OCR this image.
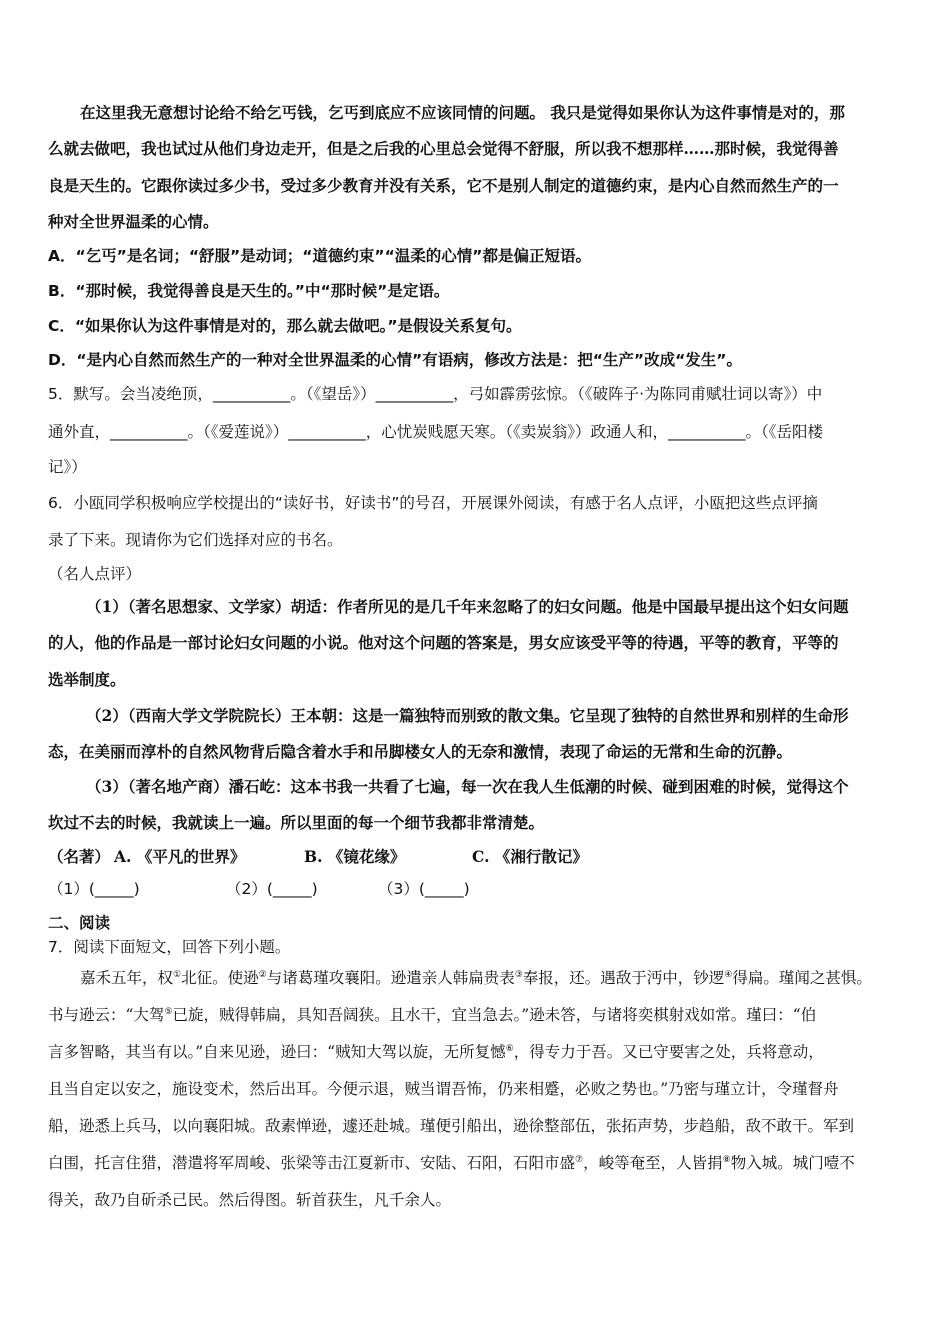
在这里我无意想讨论给不给乞丐钱，乞丐到底应不应该同情的问题。 我只是觉得如果你认为这件事情是对的，那
么就去做吧，我也试过从他们身边走开，但是之后我的心里总会觉得不舒服，所以我不想那样……那时候，我觉得善
良是天生的。它跟你读过多少书，受过多少教育并没有关系，它不是别人制定的道德约束，是内心自然而然生产的一
种对全世界温柔的心情。
A．“乞丐”是名词；“舒服”是动词；“道德约束”“温柔的心情”都是偏正短语。
B．“那时候，我觉得善良是天生的。”中“那时候”是定语。
C．“如果你认为这件事情是对的，那么就去做吧。”是假设关系复句。
D．“是内心自然而然生产的一种对全世界温柔的心情”有语病，修改方法是：把“生产”改成“发生”。
5．默写。会当凌绝顶，__________。（《望岳》）__________，弓如霹雳弦惊。（《破阵子·为陈同甫赋壮词以寄》）中
通外直，__________。（《爱莲说》）__________，心忧炭贱愿天寒。（《卖炭翁》）政通人和，__________。（《岳阳楼
记》）
6．小瓯同学积极响应学校提出的“读好书，好读书”的号召，开展课外阅读，有感于名人点评，小瓯把这些点评摘
录了下来。现请你为它们选择对应的书名。
（名人点评）
（1）（著名思想家、文学家）胡适：作者所见的是几千年来忽略了的妇女问题。他是中国最早提出这个妇女问题
的人，他的作品是一部讨论妇女问题的小说。他对这个问题的答案是，男女应该受平等的待遇，平等的教育，平等的
选举制度。
（2）（西南大学文学院院长）王本朝：这是一篇独特而别致的散文集。它呈现了独特的自然世界和别样的生命形
态，在美丽而淳朴的自然风物背后隐含着水手和吊脚楼女人的无奈和激情，表现了命运的无常和生命的沉静。
（3）（著名地产商）潘石屹：这本书我一共看了七遍，每一次在我人生低潮的时候、碰到困难的时候，觉得这个
坎过不去的时候，我就读上一遍。所以里面的每一个细节我都非常清楚。
（名著） A. 《平凡的世界》	B. 《镜花缘》	C. 《湘行散记》
（1）(_____)	（2）(_____)	（3）(_____)
二、阅读
7．阅读下面短文，回答下列小题。
嘉禾五年，权①北征。使逊②与诸葛瑾攻襄阳。逊遣亲人韩扁贵表③奉报，还。遇敌于沔中，钞逻④得扁。瑾闻之甚惧。
书与逊云：“大驾⑤已旋，贼得韩扁，具知吾阔狭。且水干，宜当急去。”逊未答，与诸将奕棋射戏如常。瑾曰：“伯
言多智略，其当有以。”自来见逊，逊曰：“贼知大驾以旋，无所复憾⑥，得专力于吾。又已守要害之处，兵将意动，
且当自定以安之，施设变术，然后出耳。今便示退，贼当谓吾怖，仍来相蹙，必败之势也。”乃密与瑾立计，令瑾督舟
船，逊悉上兵马，以向襄阳城。敌素惮逊，遽还赴城。瑾便引船出，逊徐整部伍，张拓声势，步趋船，敌不敢干。军到
白围，托言住猎，潜遣将军周峻、张梁等击江夏新市、安陆、石阳，石阳市盛⑦，峻等奄至，人皆捐⑧物入城。城门噎不
得关，敌乃自斫杀己民。然后得图。斩首获生，凡千余人。
